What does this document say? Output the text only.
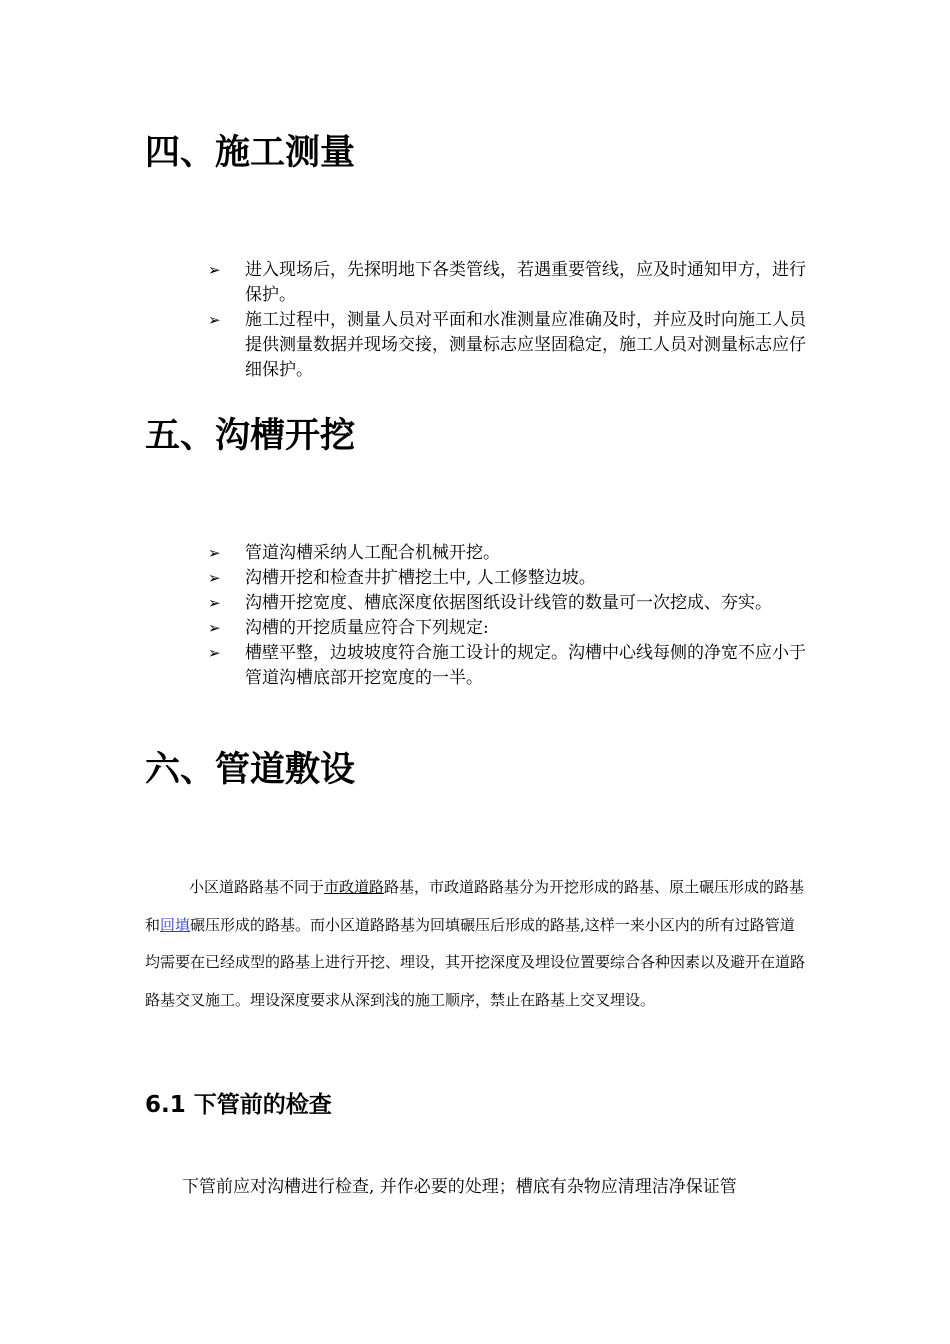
四、施工测量
➢	进入现场后，先探明地下各类管线，若遇重要管线，应及时通知甲方，进行保护。
➢	施工过程中，测量人员对平面和水准测量应准确及时，并应及时向施工人员提供测量数据并现场交接，测量标志应坚固稳定，施工人员对测量标志应仔细保护。
五、沟槽开挖
➢	管道沟槽采纳人工配合机械开挖。
➢	沟槽开挖和检查井扩槽挖土中, 人工修整边坡。
➢	沟槽开挖宽度、槽底深度依据图纸设计线管的数量可一次挖成、夯实。
➢	沟槽的开挖质量应符合下列规定:
➢	槽壁平整，边坡坡度符合施工设计的规定。沟槽中心线每侧的净宽不应小于管道沟槽底部开挖宽度的一半。
六、管道敷设

小区道路路基不同于市政道路路基，市政道路路基分为开挖形成的路基、原土碾压形成的路基和回填碾压形成的路基。而小区道路路基为回填碾压后形成的路基,这样一来小区内的所有过路管道均需要在已经成型的路基上进行开挖、埋设，其开挖深度及埋设位置要综合各种因素以及避开在道路路基交叉施工。埋设深度要求从深到浅的施工顺序，禁止在路基上交叉埋设。

6.1 下管前的检查

下管前应对沟槽进行检查, 并作必要的处理；槽底有杂物应清理洁净保证管
